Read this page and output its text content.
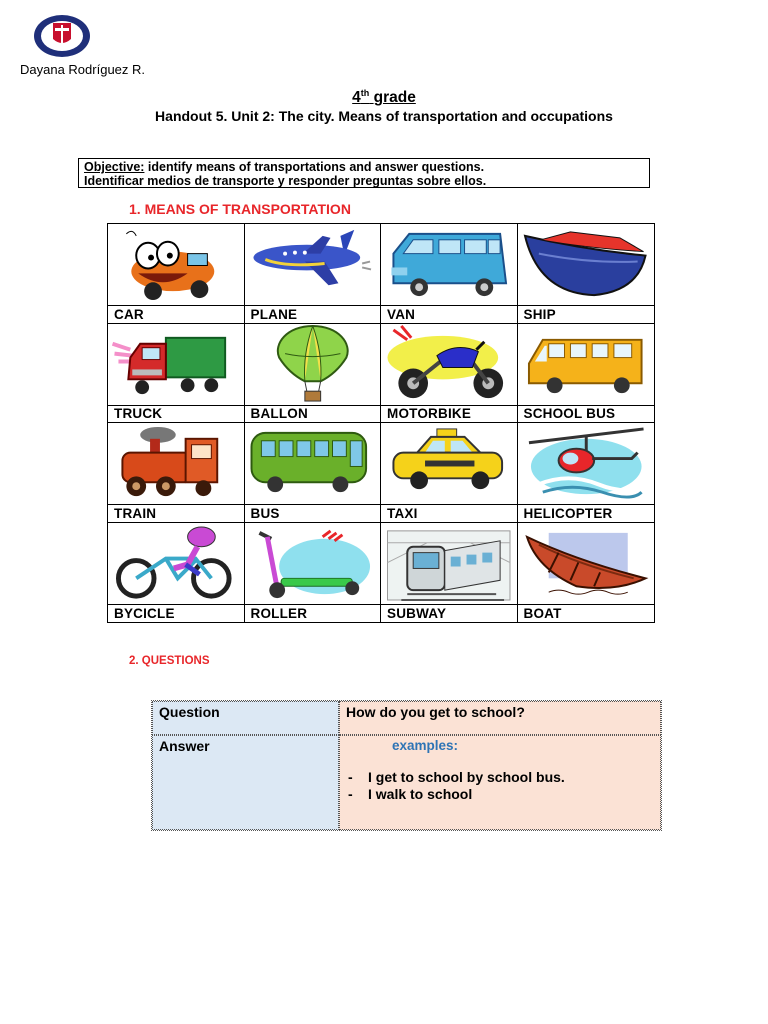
Dayana Rodríguez R.
4th grade
Handout 5. Unit 2: The city. Means of transportation and occupations
Objective: identify means of transportations and answer questions.
Identificar medios de transporte y responder preguntas sobre ellos.
1. MEANS OF TRANSPORTATION
CAR	PLANE	VAN	SHIP
TRUCK	BALLON	MOTORBIKE	SCHOOL BUS
TRAIN	BUS	TAXI	HELICOPTER
BYCICLE	ROLLER	SUBWAY	BOAT
2. QUESTIONS
Question	How do you get to school?
Answer	examples:
- I get to school by school bus.
- I walk to school
